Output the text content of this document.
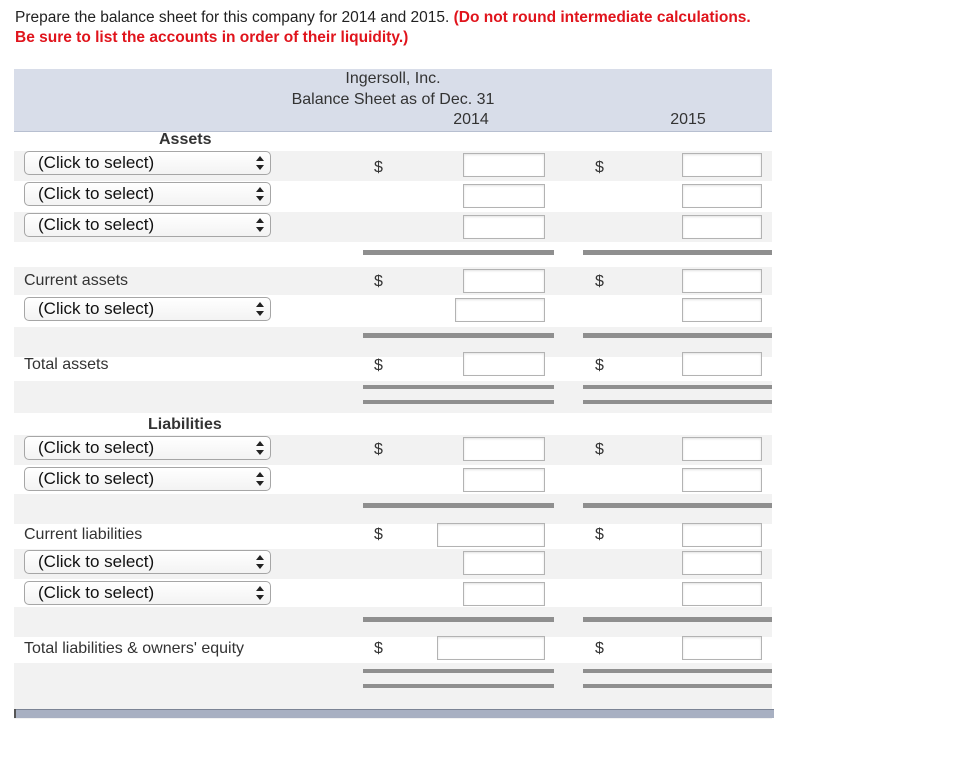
Prepare the balance sheet for this company for 2014 and 2015. (Do not round intermediate calculations.
Be sure to list the accounts in order of their liquidity.)
Ingersoll, Inc.
Balance Sheet as of Dec. 31
2014	2015
Assets
(Click to select)	$	$
(Click to select)
(Click to select)
Current assets	$	$
(Click to select)
Total assets	$	$
Liabilities
(Click to select)	$	$
(Click to select)
Current liabilities	$	$
(Click to select)
(Click to select)
Total liabilities & owners' equity	$	$
